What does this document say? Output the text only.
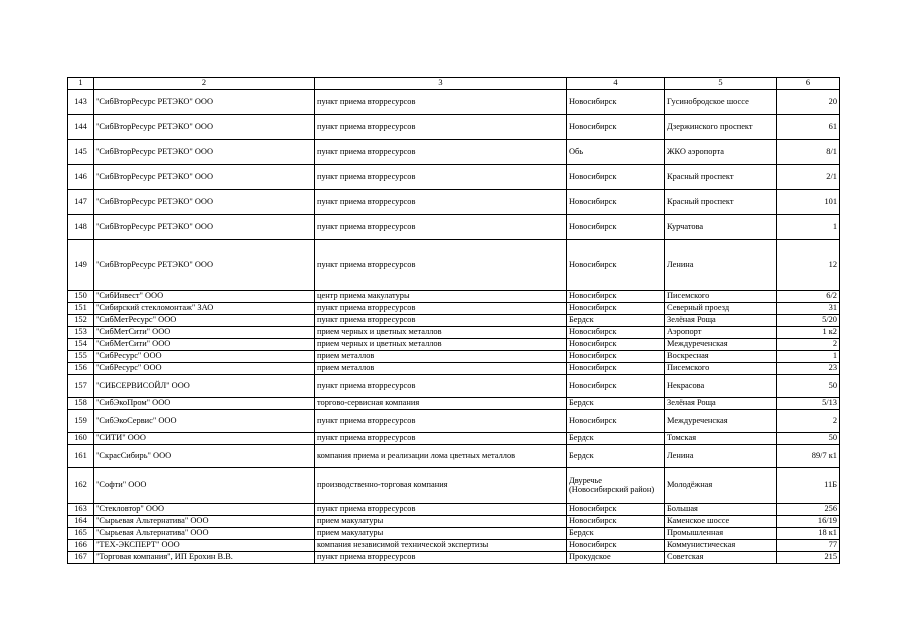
1	2	3	4	5	6
143	"СибВторРесурс РЕТЭКО" ООО	пункт приема вторресурсов	Новосибирск	Гусинобродское шоссе	20
144	"СибВторРесурс РЕТЭКО" ООО	пункт приема вторресурсов	Новосибирск	Дзержинского проспект	61
145	"СибВторРесурс РЕТЭКО" ООО	пункт приема вторресурсов	Обь	ЖКО аэропорта	8/1
146	"СибВторРесурс РЕТЭКО" ООО	пункт приема вторресурсов	Новосибирск	Красный проспект	2/1
147	"СибВторРесурс РЕТЭКО" ООО	пункт приема вторресурсов	Новосибирск	Красный проспект	101
148	"СибВторРесурс РЕТЭКО" ООО	пункт приема вторресурсов	Новосибирск	Курчатова	1
149	"СибВторРесурс РЕТЭКО" ООО	пункт приема вторресурсов	Новосибирск	Ленина	12
150	"СибИнвест" ООО	центр приема макулатуры	Новосибирск	Писемского	6/2
151	"Сибирский стекломонтаж" ЗАО	пункт приема вторресурсов	Новосибирск	Северный проезд	31
152	"СибМетРесурс" ООО	пункт приема вторресурсов	Бердск	Зелёная Роща	5/20
153	"СибМетСити" ООО	прием черных и цветных металлов	Новосибирск	Аэропорт	1 к2
154	"СибМетСити" ООО	прием черных и цветных металлов	Новосибирск	Междуреченская	2
155	"СибРесурс" ООО	прием металлов	Новосибирск	Воскресная	1
156	"СибРесурс" ООО	прием металлов	Новосибирск	Писемского	23
157	"СИБСЕРВИСОЙЛ" ООО	пункт приема вторресурсов	Новосибирск	Некрасова	50
158	"СибЭкоПром" ООО	торгово-сервисная компания	Бердск	Зелёная Роща	5/13
159	"СибЭкоСервис" ООО	пункт приема вторресурсов	Новосибирск	Междуреченская	2
160	"СИТИ" ООО	пункт приема вторресурсов	Бердск	Томская	50
161	"СкрасСибирь" ООО	компания приема и реализации лома цветных металлов	Бердск	Ленина	89/7 к1
162	"Софти" ООО	производственно-торговая компания	Двуречье (Новосибирский район)	Молодёжная	11Б
163	"Стекловтор" ООО	пункт приема вторресурсов	Новосибирск	Большая	256
164	"Сырьевая Альтернатива" ООО	прием макулатуры	Новосибирск	Каменское шоссе	16/19
165	"Сырьевая Альтернатива" ООО	прием макулатуры	Бердск	Промышленная	18 к1
166	"ТЕХ-ЭКСПЕРТ" ООО	компания независимой технической экспертизы	Новосибирск	Коммунистическая	77
167	"Торговая компания", ИП Ерохин В.В.	пункт приема вторресурсов	Прокудское	Советская	215
